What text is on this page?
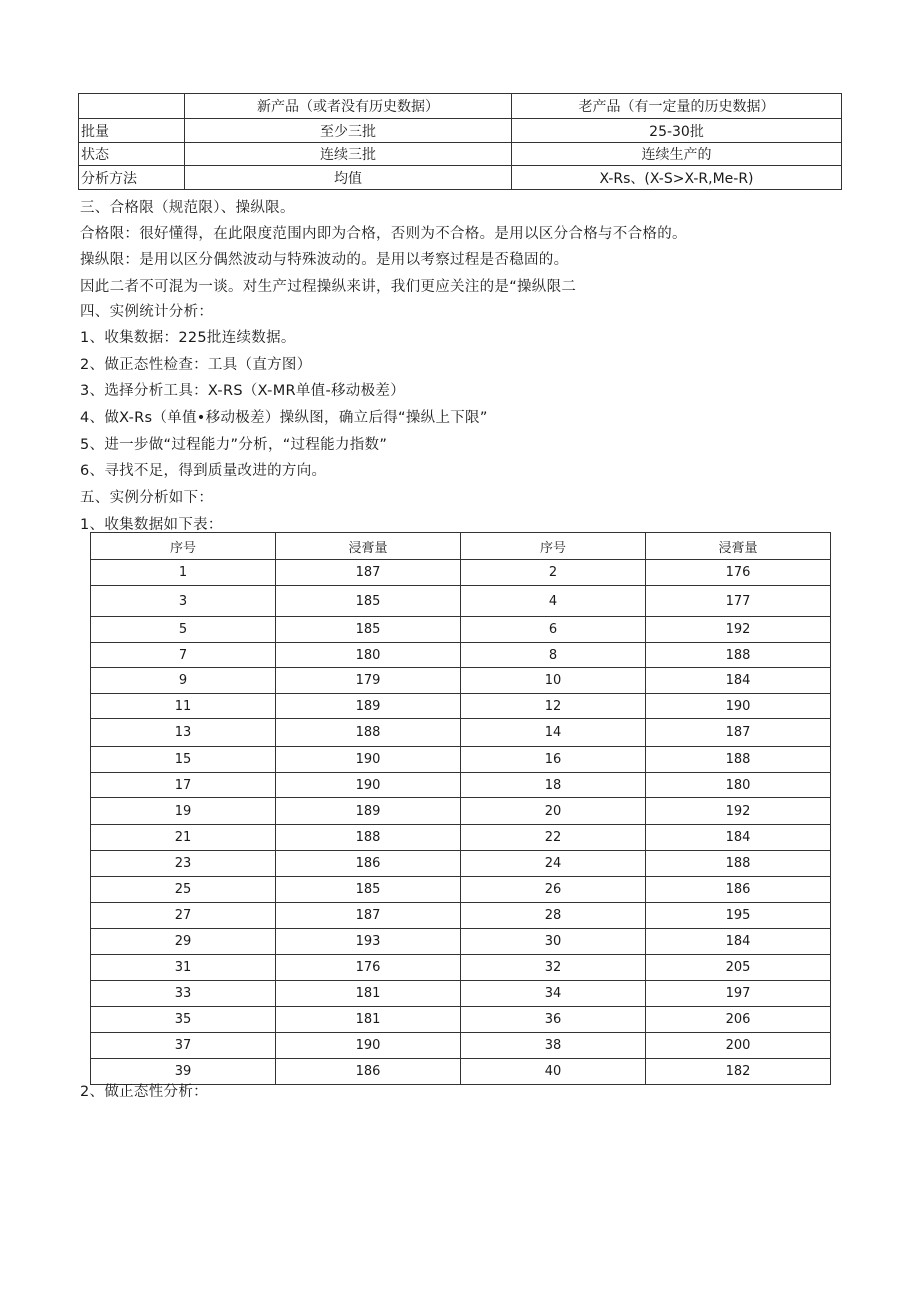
	新产品（或者没有历史数据）	老产品（有一定量的历史数据）
批量	至少三批	25-30批
状态	连续三批	连续生产的
分析方法	均值	X-Rs、(X-S>X-R,Me-R)
三、合格限（规范限）、操纵限。
合格限：很好懂得，在此限度范围内即为合格，否则为不合格。是用以区分合格与不合格的。
操纵限：是用以区分偶然波动与特殊波动的。是用以考察过程是否稳固的。
因此二者不可混为一谈。对生产过程操纵来讲，我们更应关注的是“操纵限二
四、实例统计分析：
1、收集数据：225批连续数据。
2、做正态性检查：工具（直方图）
3、选择分析工具：X-RS（X-MR单值-移动极差）
4、做X-Rs（单值•移动极差）操纵图，确立后得“操纵上下限”
5、进一步做“过程能力”分析，“过程能力指数”
6、寻找不足，得到质量改进的方向。
五、实例分析如下：
1、收集数据如下表：
序号	浸膏量	序号	浸膏量
1	187	2	176
3	185	4	177
5	185	6	192
7	180	8	188
9	179	10	184
11	189	12	190
13	188	14	187
15	190	16	188
17	190	18	180
19	189	20	192
21	188	22	184
23	186	24	188
25	185	26	186
27	187	28	195
29	193	30	184
31	176	32	205
33	181	34	197
35	181	36	206
37	190	38	200
39	186	40	182
2、做正态性分析：
